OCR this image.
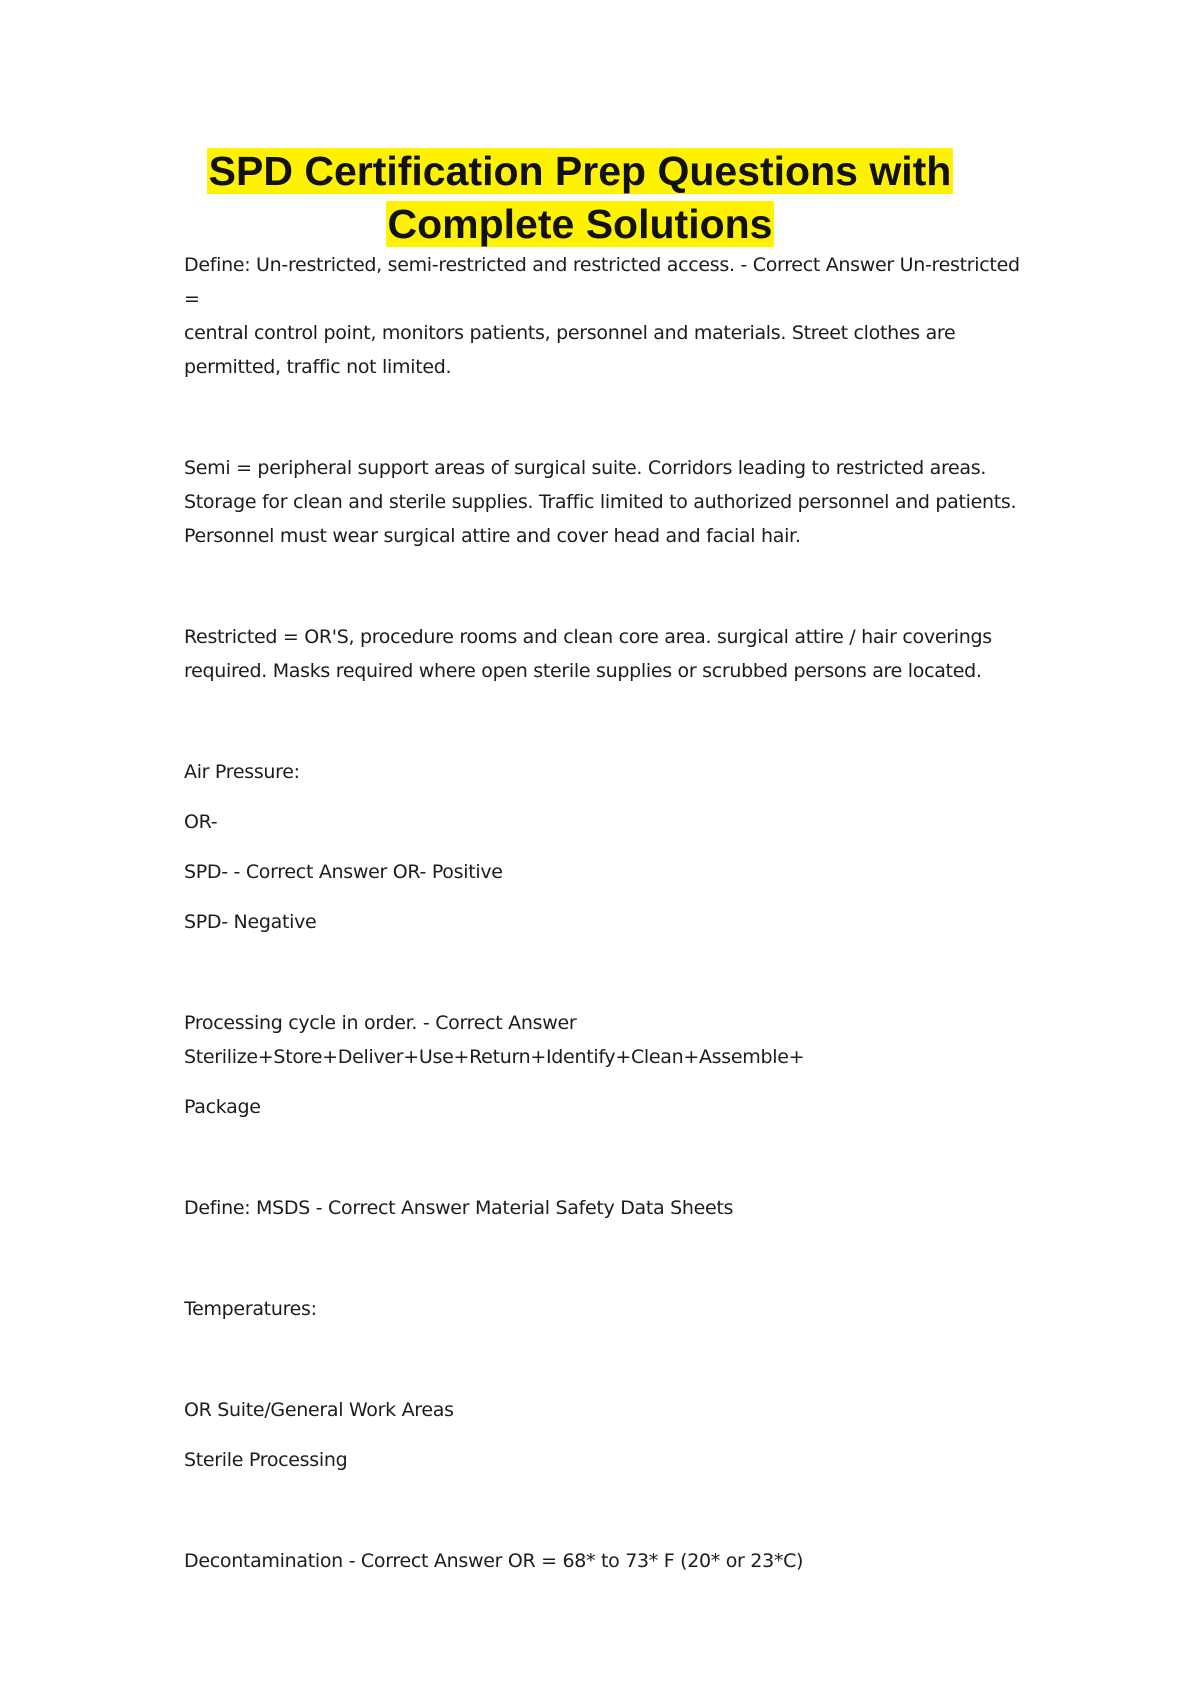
SPD Certification Prep Questions with
Complete Solutions

Define: Un-restricted, semi-restricted and restricted access. - Correct Answer Un-restricted =

central control point, monitors patients, personnel and materials. Street clothes are

permitted, traffic not limited.

Semi = peripheral support areas of surgical suite. Corridors leading to restricted areas.

Storage for clean and sterile supplies. Traffic limited to authorized personnel and patients.

Personnel must wear surgical attire and cover head and facial hair.

Restricted = OR'S, procedure rooms and clean core area. surgical attire / hair coverings

required. Masks required where open sterile supplies or scrubbed persons are located.

Air Pressure:

OR-

SPD- - Correct Answer OR- Positive

SPD- Negative

Processing cycle in order. - Correct Answer

Sterilize+Store+Deliver+Use+Return+Identify+Clean+Assemble+

Package

Define: MSDS - Correct Answer Material Safety Data Sheets

Temperatures:

OR Suite/General Work Areas

Sterile Processing

Decontamination - Correct Answer OR = 68* to 73* F (20* or 23*C)
